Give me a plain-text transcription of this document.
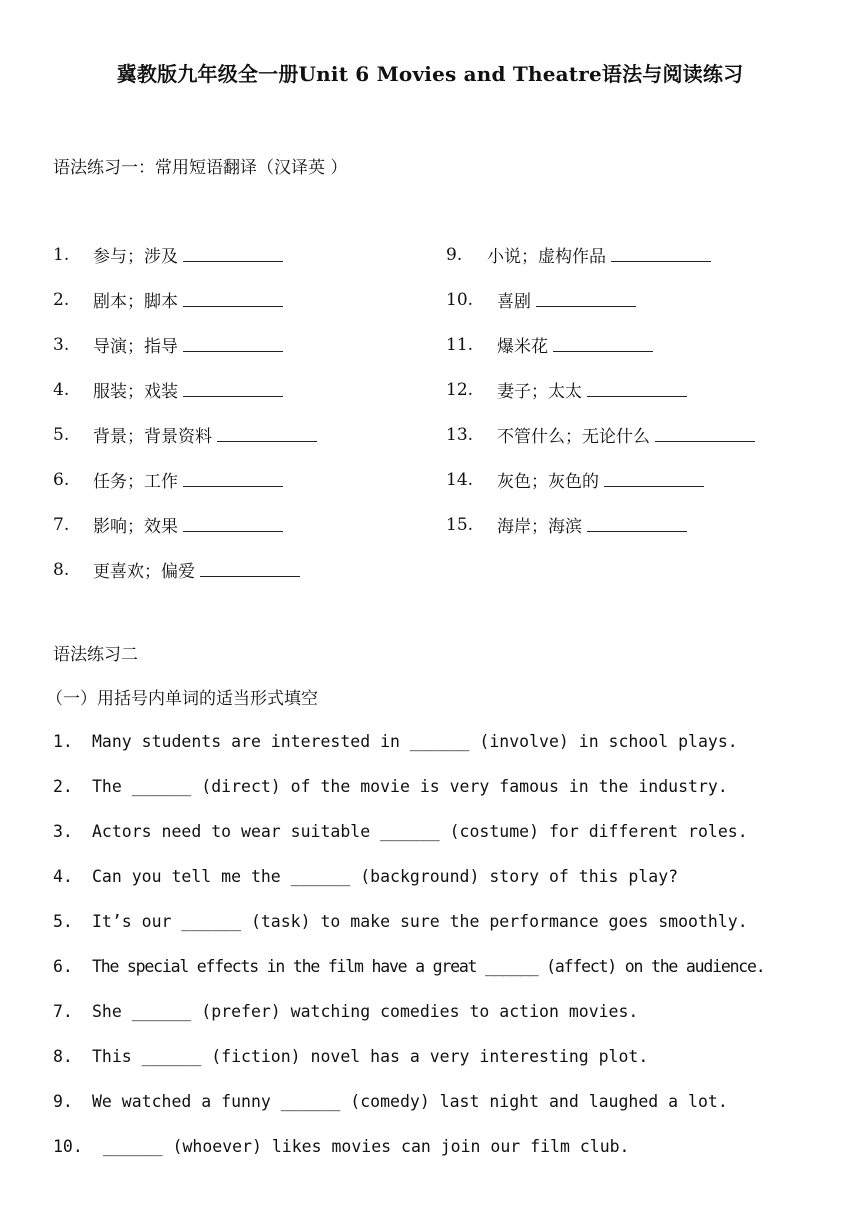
冀教版九年级全一册Unit 6 Movies and Theatre语法与阅读练习
语法练习一：常用短语翻译（汉译英 ）
1. 参与；涉及
2. 剧本；脚本
3. 导演；指导
4. 服装；戏装
5. 背景；背景资料
6. 任务；工作
7. 影响；效果
8. 更喜欢；偏爱
9. 小说；虚构作品
10. 喜剧
11. 爆米花
12. 妻子；太太
13. 不管什么；无论什么
14. 灰色；灰色的
15. 海岸；海滨
语法练习二
（一）用括号内单词的适当形式填空
1. Many students are interested in ______ (involve) in school plays.
2. The ______ (direct) of the movie is very famous in the industry.
3. Actors need to wear suitable ______ (costume) for different roles.
4. Can you tell me the ______ (background) story of this play?
5. It’s our ______ (task) to make sure the performance goes smoothly.
6. The special effects in the film have a great ______ (affect) on the audience.
7. She ______ (prefer) watching comedies to action movies.
8. This ______ (fiction) novel has a very interesting plot.
9. We watched a funny ______ (comedy) last night and laughed a lot.
10. ______ (whoever) likes movies can join our film club.
